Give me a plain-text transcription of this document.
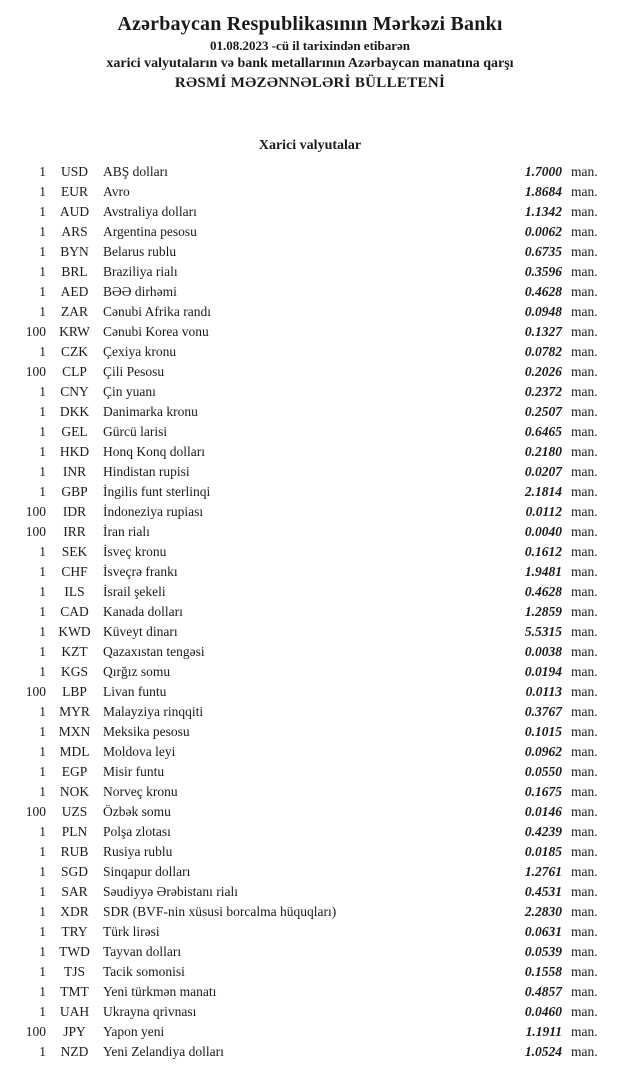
Azərbaycan Respublikasının Mərkəzi Bankı
01.08.2023 -cü il tarixindən etibarən
xarici valyutaların və bank metallarının Azərbaycan manatına qarşı
RƏSMİ MƏZƏNNƏLƏRİ BÜLLETENİ
Xarici valyutalar
1	USD	ABŞ dolları	1.7000 man.
1	EUR	Avro	1.8684 man.
1	AUD	Avstraliya dolları	1.1342 man.
1	ARS	Argentina pesosu	0.0062 man.
1	BYN	Belarus rublu	0.6735 man.
1	BRL	Braziliya rialı	0.3596 man.
1	AED	BƏƏ dirhəmi	0.4628 man.
1	ZAR	Cənubi Afrika randı	0.0948 man.
100 KRW Cənubi Korea vonu	0.1327 man.
1	CZK	Çexiya kronu	0.0782 man.
100	CLP	Çili Pesosu	0.2026 man.
1	CNY	Çin yuanı	0.2372 man.
1	DKK	Danimarka kronu	0.2507 man.
1	GEL	Gürcü larisi	0.6465 man.
1	HKD	Honq Konq dolları	0.2180 man.
1	INR	Hindistan rupisi	0.0207 man.
1	GBP	İngilis funt sterlinqi	2.1814 man.
100	IDR	İndoneziya rupiası	0.0112 man.
100	IRR	İran rialı	0.0040 man.
1	SEK	İsveç kronu	0.1612 man.
1	CHF	İsveçrə frankı	1.9481 man.
1	ILS	İsrail şekeli	0.4628 man.
1	CAD	Kanada dolları	1.2859 man.
1 KWD Küveyt dinarı	5.5315 man.
1	KZT	Qazaxıstan tengəsi	0.0038 man.
1	KGS	Qırğız somu	0.0194 man.
100	LBP	Livan funtu	0.0113 man.
1 MYR Malayziya rinqqiti	0.3767 man.
1 MXN Meksika pesosu	0.1015 man.
1	MDL	Moldova leyi	0.0962 man.
1	EGP	Misir funtu	0.0550 man.
1	NOK	Norveç kronu	0.1675 man.
100	UZS	Özbək somu	0.0146 man.
1	PLN	Polşa zlotası	0.4239 man.
1	RUB	Rusiya rublu	0.0185 man.
1	SGD	Sinqapur dolları	1.2761 man.
1	SAR	Səudiyyə Ərəbistanı rialı	0.4531 man.
1	XDR	SDR (BVF-nin xüsusi borcalma hüquqları)	2.2830 man.
1	TRY	Türk lirəsi	0.0631 man.
1 TWD Tayvan dolları	0.0539 man.
1	TJS	Tacik somonisi	0.1558 man.
1	TMT	Yeni türkmən manatı	0.4857 man.
1	UAH	Ukrayna qrivnası	0.0460 man.
100	JPY	Yapon yeni	1.1911 man.
1	NZD	Yeni Zelandiya dolları	1.0524 man.
